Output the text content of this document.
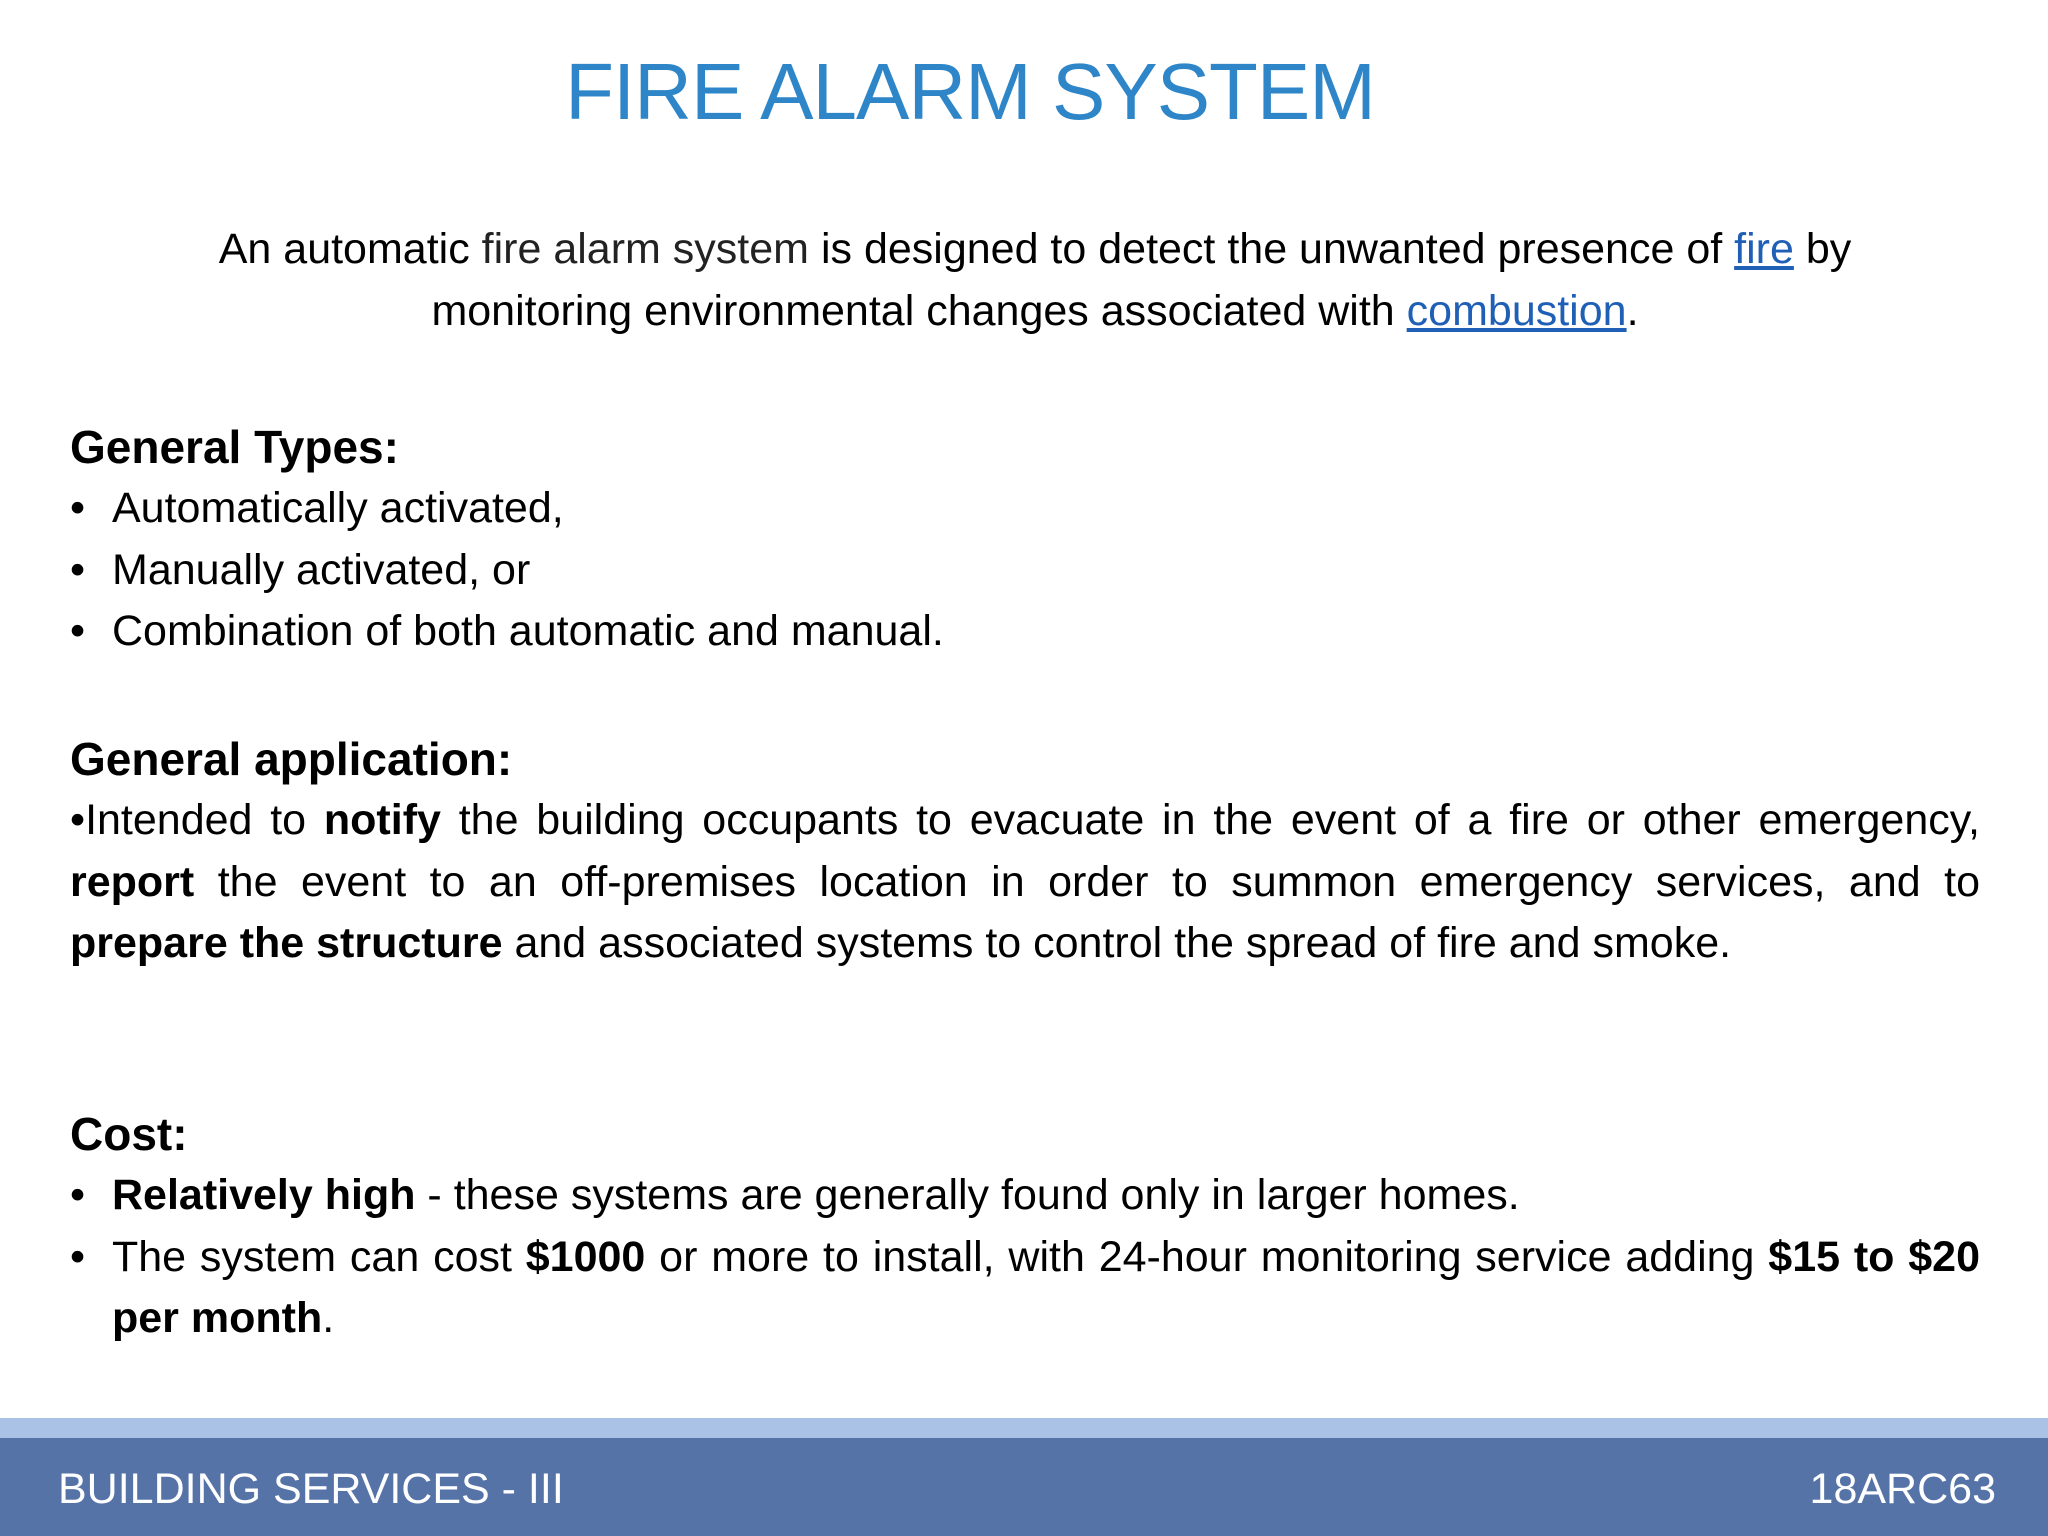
FIRE ALARM SYSTEM
An automatic fire alarm system is designed to detect the unwanted presence of fire by monitoring environmental changes associated with combustion.

General Types:

• Automatically activated,
• Manually activated, or
• Combination of both automatic and manual.

General application:

•Intended to notify the building occupants to evacuate in the event of a fire or other emergency, report the event to an off-premises location in order to summon emergency services, and to prepare the structure and associated systems to control the spread of fire and smoke.

Cost:

• Relatively high - these systems are generally found only in larger homes.
• The system can cost $1000 or more to install, with 24-hour monitoring service adding $15 to $20 per month.
BUILDING SERVICES - III	18ARC63
